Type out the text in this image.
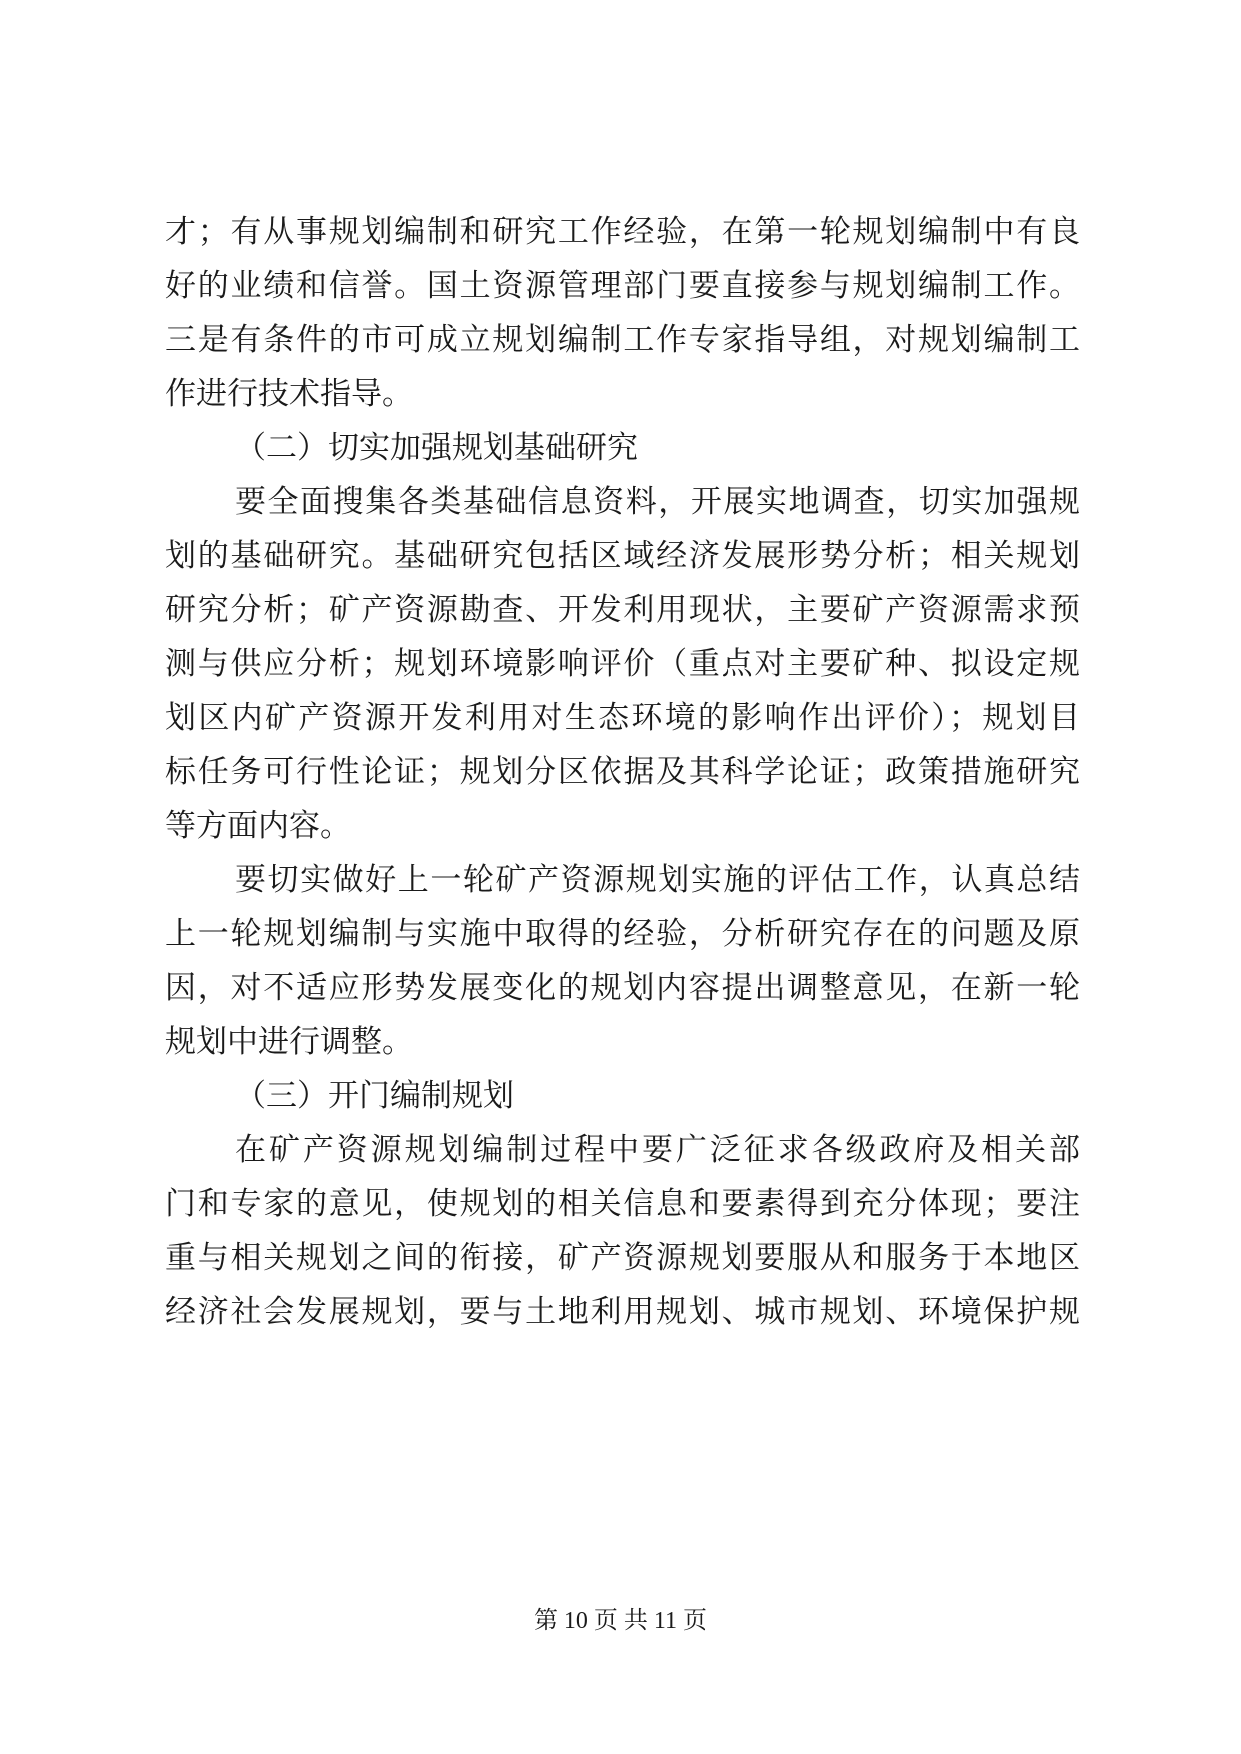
才；有从事规划编制和研究工作经验，在第一轮规划编制中有良
好的业绩和信誉。国土资源管理部门要直接参与规划编制工作。
三是有条件的市可成立规划编制工作专家指导组，对规划编制工
作进行技术指导。
（二）切实加强规划基础研究
要全面搜集各类基础信息资料，开展实地调查，切实加强规
划的基础研究。基础研究包括区域经济发展形势分析；相关规划
研究分析；矿产资源勘查、开发利用现状，主要矿产资源需求预
测与供应分析；规划环境影响评价（重点对主要矿种、拟设定规
划区内矿产资源开发利用对生态环境的影响作出评价）；规划目
标任务可行性论证；规划分区依据及其科学论证；政策措施研究
等方面内容。
要切实做好上一轮矿产资源规划实施的评估工作，认真总结
上一轮规划编制与实施中取得的经验，分析研究存在的问题及原
因，对不适应形势发展变化的规划内容提出调整意见，在新一轮
规划中进行调整。
（三）开门编制规划
在矿产资源规划编制过程中要广泛征求各级政府及相关部
门和专家的意见，使规划的相关信息和要素得到充分体现；要注
重与相关规划之间的衔接，矿产资源规划要服从和服务于本地区
经济社会发展规划，要与土地利用规划、城市规划、环境保护规
第 10 页 共 11 页
